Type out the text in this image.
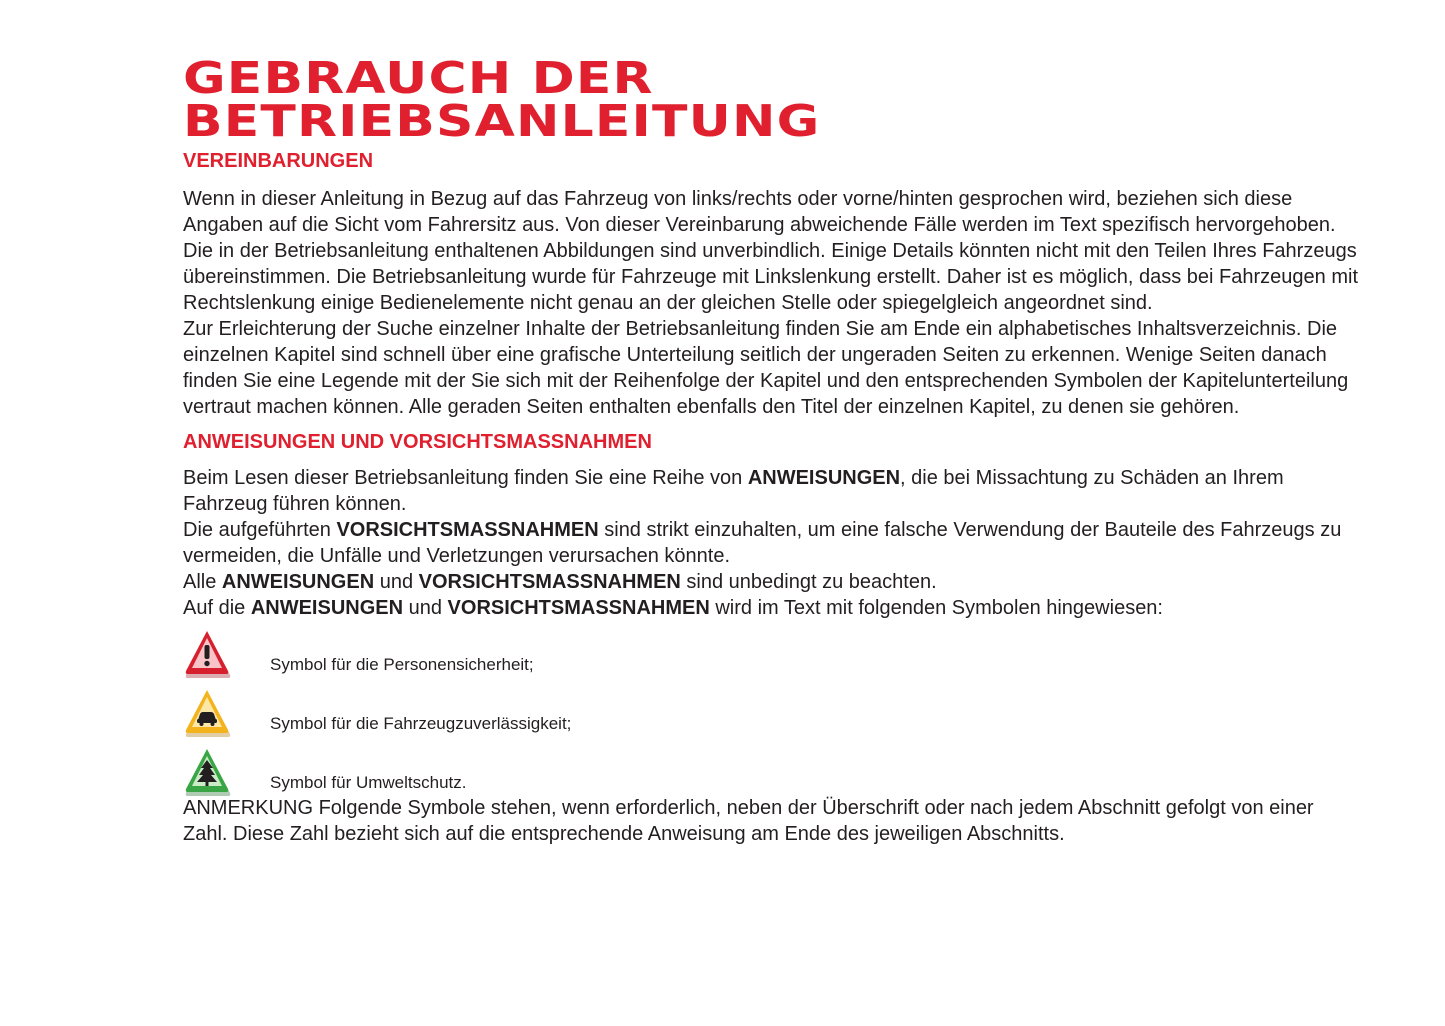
GEBRAUCH DER
BETRIEBSANLEITUNG
VEREINBARUNGEN

Wenn in dieser Anleitung in Bezug auf das Fahrzeug von links/rechts oder vorne/hinten gesprochen wird, beziehen sich diese Angaben auf die Sicht vom Fahrersitz aus. Von dieser Vereinbarung abweichende Fälle werden im Text spezifisch hervorgehoben.

Die in der Betriebsanleitung enthaltenen Abbildungen sind unverbindlich. Einige Details könnten nicht mit den Teilen Ihres Fahrzeugs übereinstimmen. Die Betriebsanleitung wurde für Fahrzeuge mit Linkslenkung erstellt. Daher ist es möglich, dass bei Fahrzeugen mit Rechtslenkung einige Bedienelemente nicht genau an der gleichen Stelle oder spiegelgleich angeordnet sind.

Zur Erleichterung der Suche einzelner Inhalte der Betriebsanleitung finden Sie am Ende ein alphabetisches Inhaltsverzeichnis. Die einzelnen Kapitel sind schnell über eine grafische Unterteilung seitlich der ungeraden Seiten zu erkennen. Wenige Seiten danach finden Sie eine Legende mit der Sie sich mit der Reihenfolge der Kapitel und den entsprechenden Symbolen der Kapitelunterteilung vertraut machen können. Alle geraden Seiten enthalten ebenfalls den Titel der einzelnen Kapitel, zu denen sie gehören.

ANWEISUNGEN UND VORSICHTSMASSNAHMEN

Beim Lesen dieser Betriebsanleitung finden Sie eine Reihe von ANWEISUNGEN, die bei Missachtung zu Schäden an Ihrem Fahrzeug führen können.

Die aufgeführten VORSICHTSMASSNAHMEN sind strikt einzuhalten, um eine falsche Verwendung der Bauteile des Fahrzeugs zu vermeiden, die Unfälle und Verletzungen verursachen könnte.

Alle ANWEISUNGEN und VORSICHTSMASSNAHMEN sind unbedingt zu beachten.

Auf die ANWEISUNGEN und VORSICHTSMASSNAHMEN wird im Text mit folgenden Symbolen hingewiesen:

Symbol für die Personensicherheit;
Symbol für die Fahrzeugzuverlässigkeit;
Symbol für Umweltschutz.

ANMERKUNG Folgende Symbole stehen, wenn erforderlich, neben der Überschrift oder nach jedem Abschnitt gefolgt von einer Zahl. Diese Zahl bezieht sich auf die entsprechende Anweisung am Ende des jeweiligen Abschnitts.
